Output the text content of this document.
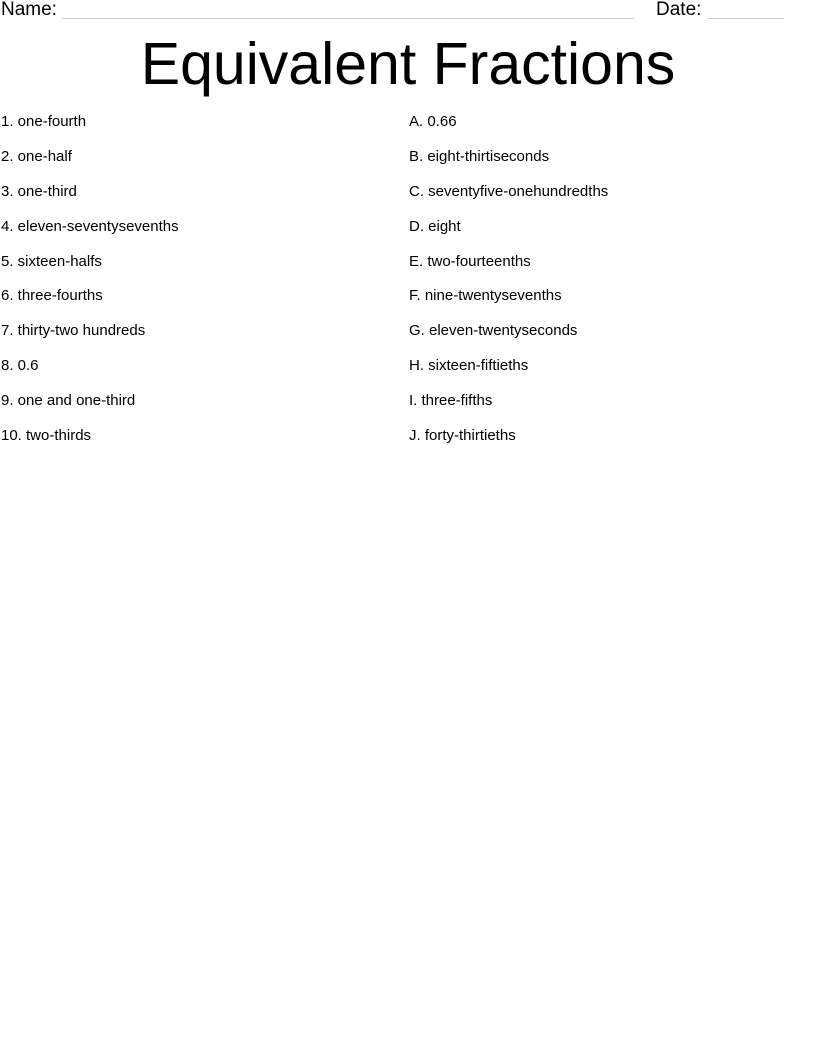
Name:	Date:
Equivalent Fractions
1. one-fourth
2. one-half
3. one-third
4. eleven-seventysevenths
5. sixteen-halfs
6. three-fourths
7. thirty-two hundreds
8. 0.6
9. one and one-third
10. two-thirds
A. 0.66
B. eight-thirtiseconds
C. seventyfive-onehundredths
D. eight
E. two-fourteenths
F. nine-twentysevenths
G. eleven-twentyseconds
H. sixteen-fiftieths
I. three-fifths
J. forty-thirtieths
